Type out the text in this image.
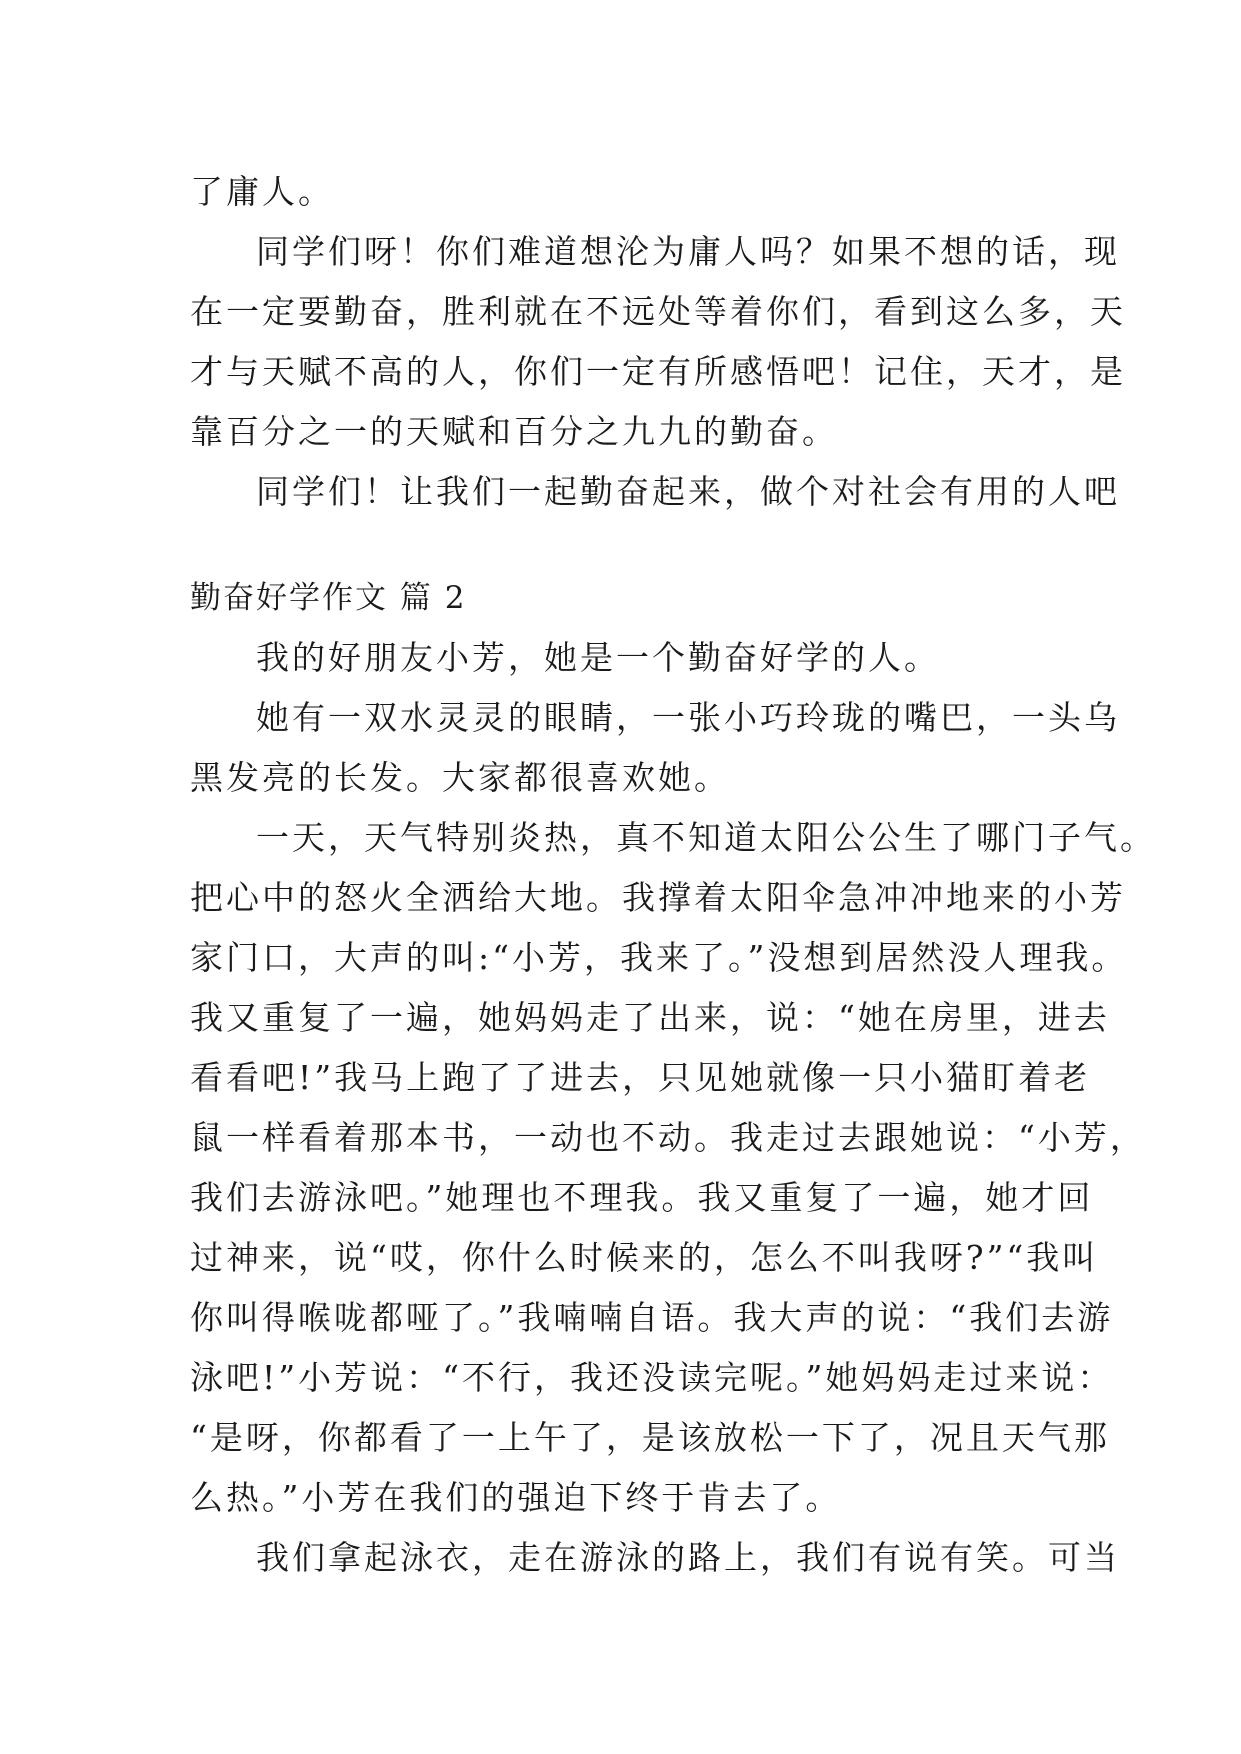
了庸人。
同学们呀！你们难道想沦为庸人吗？如果不想的话，现
在一定要勤奋，胜利就在不远处等着你们，看到这么多，天
才与天赋不高的人，你们一定有所感悟吧！记住，天才，是
靠百分之一的天赋和百分之九九的勤奋。
同学们！让我们一起勤奋起来，做个对社会有用的人吧
勤奋好学作文 篇 2
我的好朋友小芳，她是一个勤奋好学的人。
她有一双水灵灵的眼睛，一张小巧玲珑的嘴巴，一头乌
黑发亮的长发。大家都很喜欢她。
一天，天气特别炎热，真不知道太阳公公生了哪门子气。
把心中的怒火全洒给大地。我撑着太阳伞急冲冲地来的小芳
家门口，大声的叫:“小芳，我来了。”没想到居然没人理我。
我又重复了一遍，她妈妈走了出来，说：“她在房里，进去
看看吧!”我马上跑了了进去，只见她就像一只小猫盯着老
鼠一样看着那本书，一动也不动。我走过去跟她说：“小芳，
我们去游泳吧。”她理也不理我。我又重复了一遍，她才回
过神来，说“哎，你什么时候来的，怎么不叫我呀?”“我叫
你叫得喉咙都哑了。”我喃喃自语。我大声的说：“我们去游
泳吧!”小芳说：“不行，我还没读完呢。”她妈妈走过来说：
“是呀，你都看了一上午了，是该放松一下了，况且天气那
么热。”小芳在我们的强迫下终于肯去了。
我们拿起泳衣，走在游泳的路上，我们有说有笑。可当
